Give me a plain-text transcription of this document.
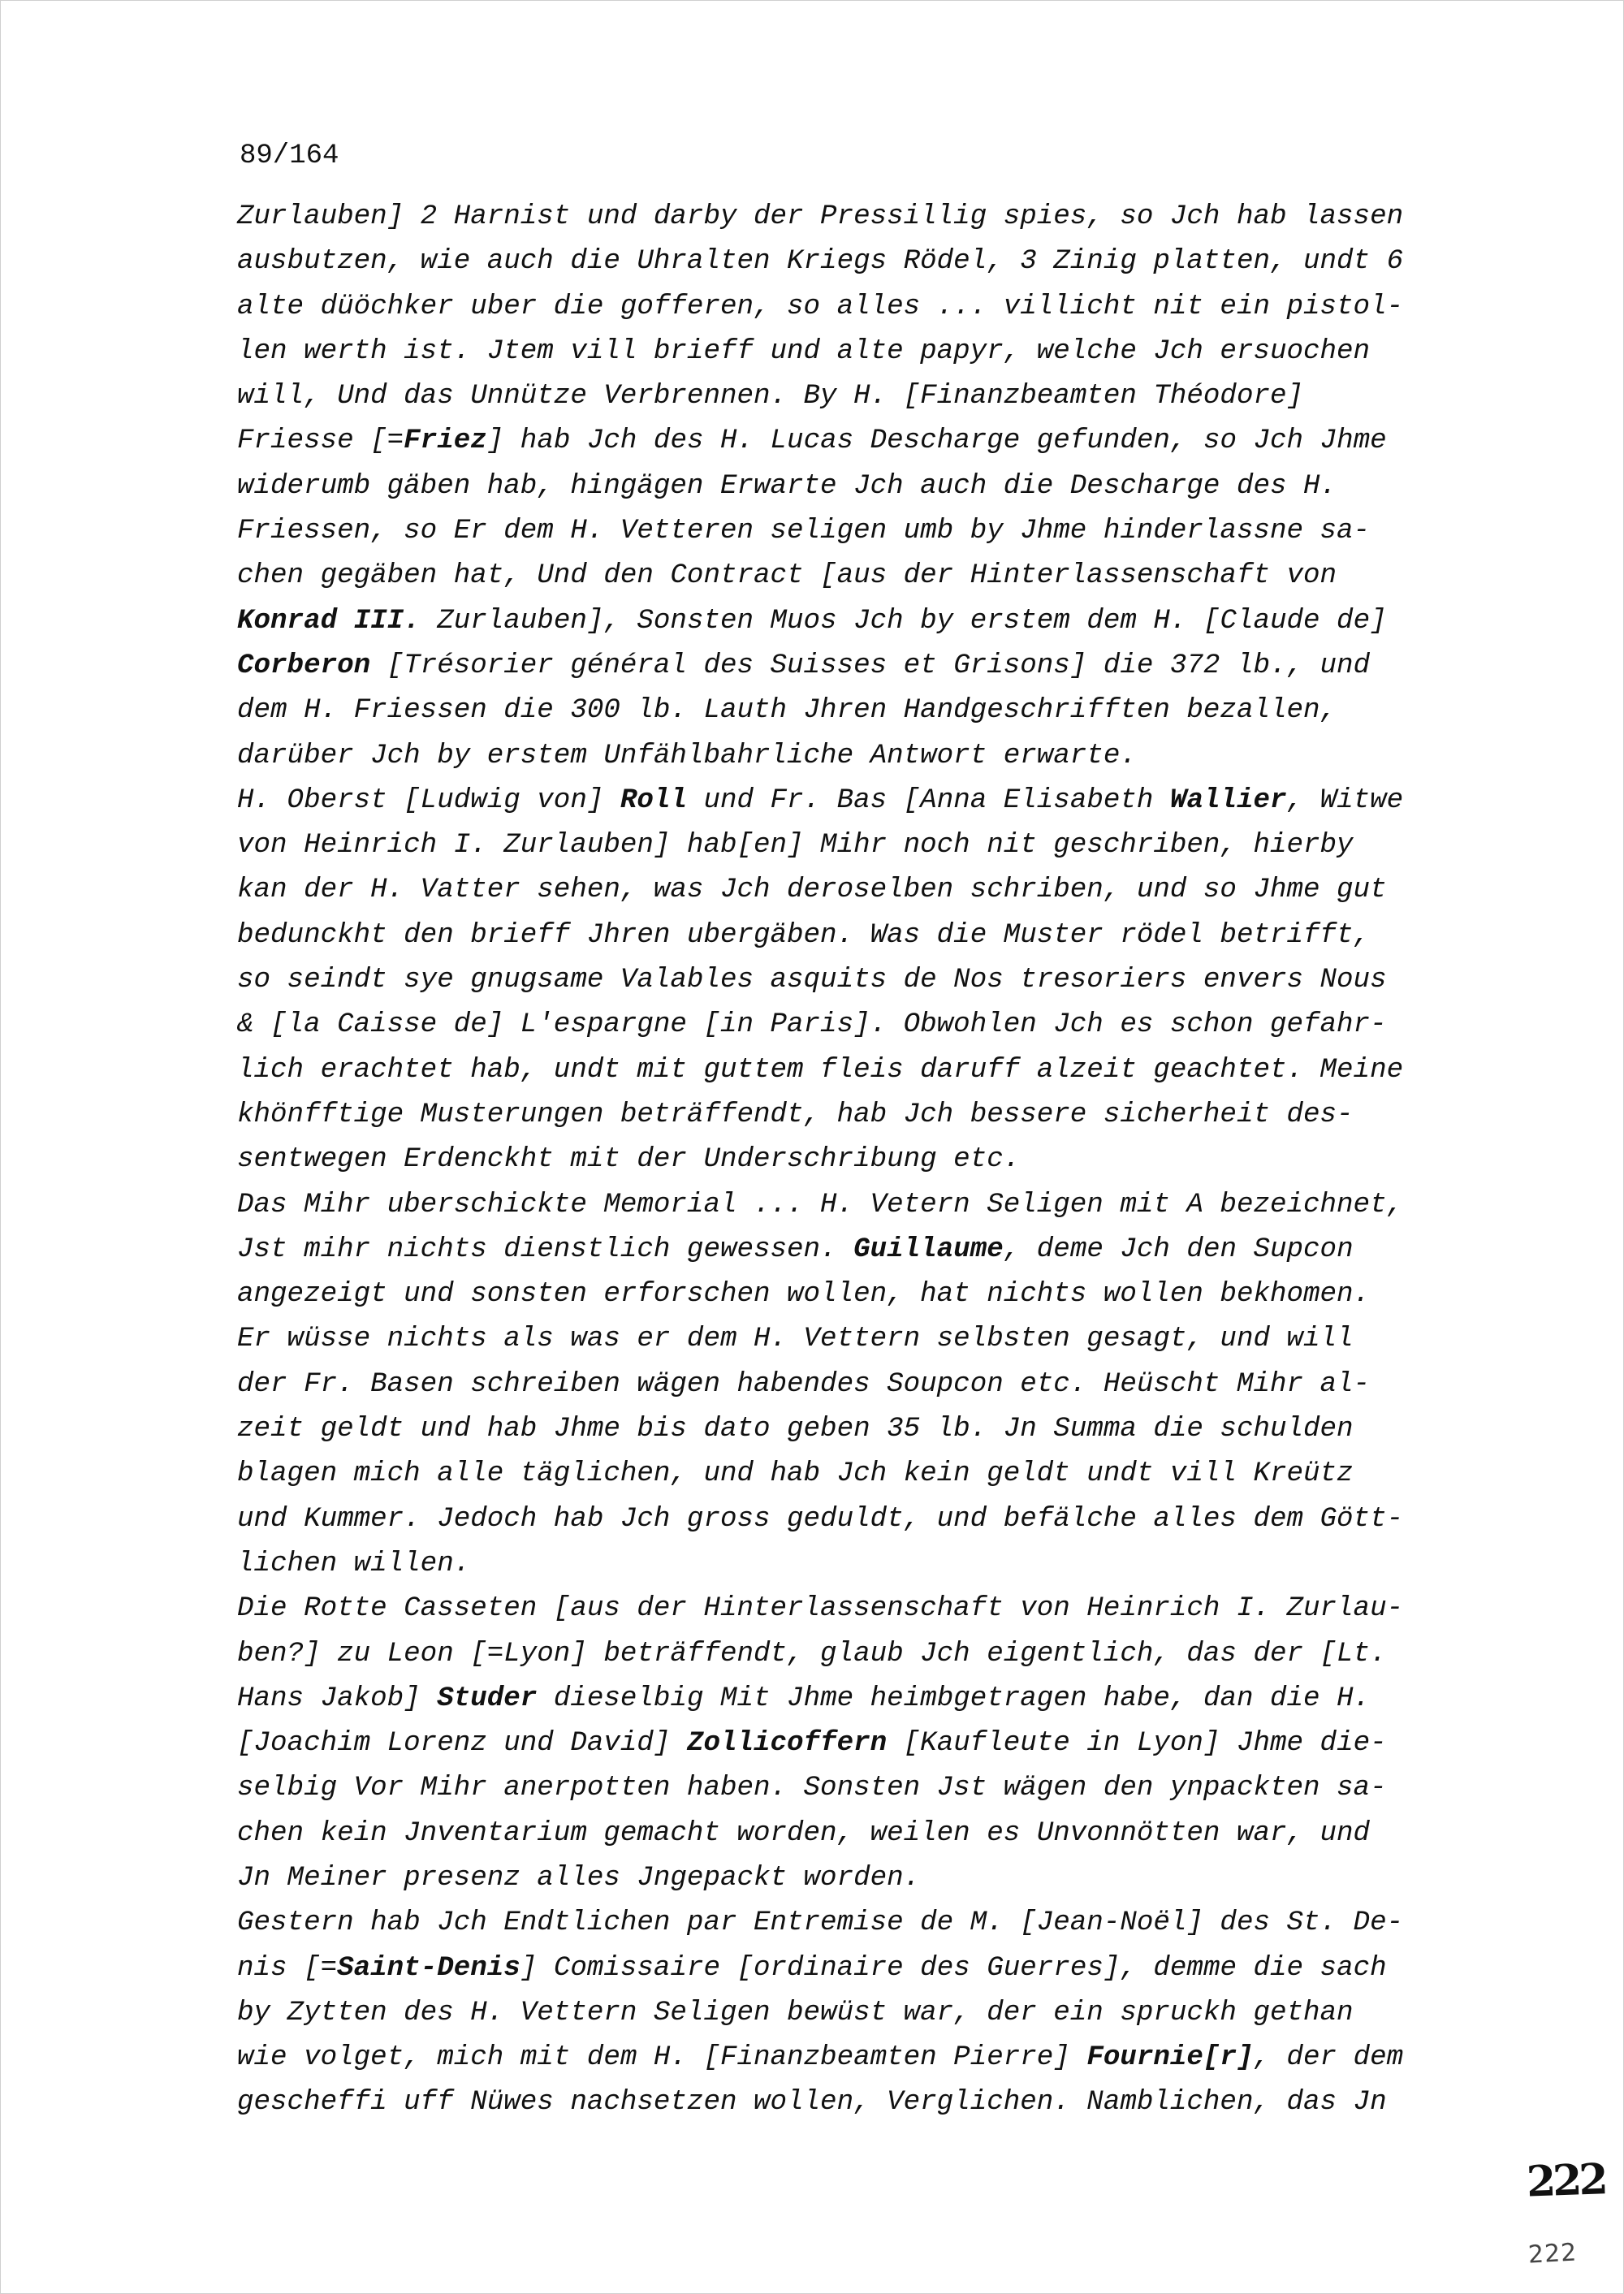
89/164
Zurlauben] 2 Harnist und darby der Pressillig spies, so Jch hab lassen
ausbutzen, wie auch die Uhralten Kriegs Rödel, 3 Zinig platten, undt 6
alte düöchker uber die gofferen, so alles ... villicht nit ein pistol-
len werth ist. Jtem vill brieff und alte papyr, welche Jch ersuochen
will, Und das Unnütze Verbrennen. By H. [Finanzbeamten Théodore]
Friesse [=Friez] hab Jch des H. Lucas Descharge gefunden, so Jch Jhme
widerumb gäben hab, hingägen Erwarte Jch auch die Descharge des H.
Friessen, so Er dem H. Vetteren seligen umb by Jhme hinderlassne sa-
chen gegäben hat, Und den Contract [aus der Hinterlassenschaft von
Konrad III. Zurlauben], Sonsten Muos Jch by erstem dem H. [Claude de]
Corberon [Trésorier général des Suisses et Grisons] die 372 lb., und
dem H. Friessen die 300 lb. Lauth Jhren Handgeschrifften bezallen,
darüber Jch by erstem Unfählbahrliche Antwort erwarte.
H. Oberst [Ludwig von] Roll und Fr. Bas [Anna Elisabeth Wallier, Witwe
von Heinrich I. Zurlauben] hab[en] Mihr noch nit geschriben, hierby
kan der H. Vatter sehen, was Jch deroselben schriben, und so Jhme gut
bedunckht den brieff Jhren ubergäben. Was die Muster rödel betrifft,
so seindt sye gnugsame Valables asquits de Nos tresoriers envers Nous
& [la Caisse de] L'espargne [in Paris]. Obwohlen Jch es schon gefahr-
lich erachtet hab, undt mit guttem fleis daruff alzeit geachtet. Meine
khönfftige Musterungen beträffendt, hab Jch bessere sicherheit des-
sentwegen Erdenckht mit der Underschribung etc.
Das Mihr uberschickte Memorial ... H. Vetern Seligen mit A bezeichnet,
Jst mihr nichts dienstlich gewessen. Guillaume, deme Jch den Supcon
angezeigt und sonsten erforschen wollen, hat nichts wollen bekhomen.
Er wüsse nichts als was er dem H. Vettern selbsten gesagt, und will
der Fr. Basen schreiben wägen habendes Soupcon etc. Heüscht Mihr al-
zeit geldt und hab Jhme bis dato geben 35 lb. Jn Summa die schulden
blagen mich alle täglichen, und hab Jch kein geldt undt vill Kreütz
und Kummer. Jedoch hab Jch gross geduldt, und befälche alles dem Gött-
lichen willen.
Die Rotte Casseten [aus der Hinterlassenschaft von Heinrich I. Zurlau-
ben?] zu Leon [=Lyon] beträffendt, glaub Jch eigentlich, das der [Lt.
Hans Jakob] Studer dieselbig Mit Jhme heimbgetragen habe, dan die H.
[Joachim Lorenz und David] Zollicoffern [Kaufleute in Lyon] Jhme die-
selbig Vor Mihr anerpotten haben. Sonsten Jst wägen den ynpackten sa-
chen kein Jnventarium gemacht worden, weilen es Unvonnötten war, und
Jn Meiner presenz alles Jngepackt worden.
Gestern hab Jch Endtlichen par Entremise de M. [Jean-Noël] des St. De-
nis [=Saint-Denis] Comissaire [ordinaire des Guerres], demme die sach
by Zytten des H. Vettern Seligen bewüst war, der ein spruckh gethan
wie volget, mich mit dem H. [Finanzbeamten Pierre] Fournie[r], der dem
gescheffi uff Nüwes nachsetzen wollen, Verglichen. Namblichen, das Jn
222
222
